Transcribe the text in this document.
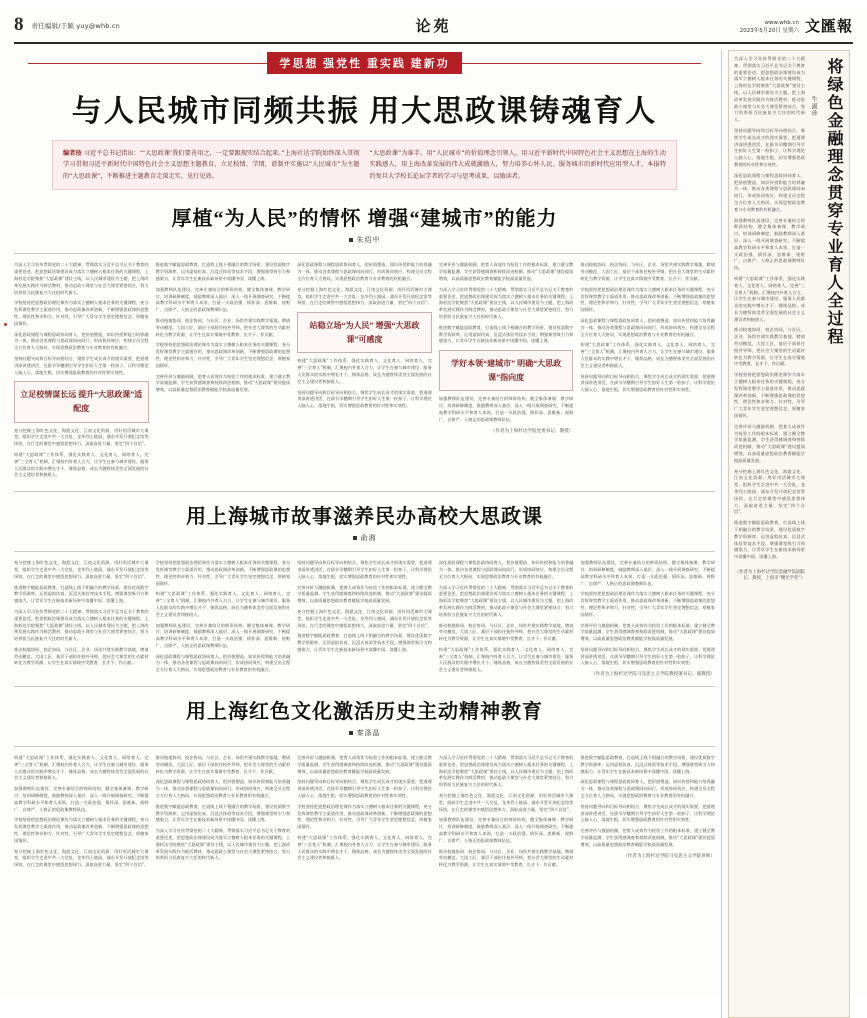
8 责任编辑/于颖 yuy@whb.cn	论苑	www.whb.cn
2023年5月20日 星期六 文匯報
学思想 强党性 重实践 建新功
与人民城市同频共振 用大思政课铸魂育人
编者按 习近平总书记指出：“‘大思政课’我们要善用之，一定要跟现实结合起来。”上海社达学院始终深入贯彻学习贯彻习近平新时代中国特色社会主义思想主题教育，立足校情、学情，谱制并实施以“人民城市”为主题的“大思政课”，不断推进主题教育走深走实、见行见效。
“大思政课”为谁手，用“人民城市”的价值理念引领人，用习近平新时代中国特色社会主义思想在上海的生动实践感人，用上海改革发展的伟大成就激励人，努力培养心怀人民、服务城市的新时代应用型人才。本报特约复旦大学校长论坛学者的学习与思考成果，以飨读者。
厚植“为人民”的情怀 增强“建城市”的能力
朱绍中

为深入学习宣传贯彻党的二十大精神，贯彻落实习近平总书记关于教育的重要论述，把思想政治课建设成为落实立德树人根本任务的关键课程，上海杉达学院聚焦“大思政课”建设主线，以人民城市建设为主题，把上海改革发展实践作为鲜活教材，推动思政小课堂与社会大课堂紧密结合，努力培养担当民族复兴大任的时代新人。

学校坚持把思想政治理论课作为落实立德树人根本任务的关键课程，充分发挥课堂教学主渠道作用，推动思政课改革创新，不断增强思政课的思想性、理论性和亲和力、针对性，引导广大青年学生坚定理想信念，厚植家国情怀。

深化思政课程与课程思政协同育人，把价值塑造、知识传授和能力培养融为一体，推动各类课程与思政课同向同行，形成协同效应，构建全员全程全方位育人大格局，实现思想政治教育与专业教育的有机融合。

坚持问题导向和目标导向相结合，聚焦学生成长成才的现实需要，把道理讲深讲透讲活，在拔节孕穗期引导学生扣好人生第一粒扣子，让科学理论入脑入心、落地生根，切实增强思政教育的针对性和实效性。

立足校情谋长远 提升“大思政课”适配度

充分挖掘上海红色文化、海派文化、江南文化资源，用好用活城市大课堂，组织学生走进中共一大会址、龙华烈士陵园、浦东开发开放纪念馆等场馆，在行走的课堂中感悟思想伟力，汲取奋进力量，坚定“四个自信”。

构建“大思政课”工作体系，强化实践育人、文化育人、网络育人，完善“三全育人”机制，汇聚校内外育人合力，让学生在参与城市建设、服务人民群众的实践中增长才干、锤炼品格，成长为德智体美劳全面发展的社会主义建设者和接班人。

推进数字赋能思政教育，打造线上线下相融合的教学场景，建设优质数字教学资源库，运用虚拟仿真、沉浸式体验等技术手段，增强课堂吸引力和感染力，让青年学生在新技术新场景中读懂中国、读懂上海。

加强教师队伍建设，完善专兼结合的师资结构，健全集体备课、教学研讨、培训研修制度，鼓励教师深入基层、深入一线开展调查研究，不断提高教学科研水平和育人本领，打造一支政治强、情怀深、思维新、视野广、自律严、人格正的思政课教师队伍。

推动校地协同、校企协同，与社区、企业、场馆共建实践教学基地，聘请劳动模范、大国工匠、基层干部担任校外导师，把社会大课堂的生动素材转化为教学资源，让学生在真实情境中受教育、长才干、作贡献。

学校坚持把思想政治理论课作为落实立德树人根本任务的关键课程，充分发挥课堂教学主渠道作用，推动思政课改革创新，不断增强思政课的思想性、理论性和亲和力、针对性，引导广大青年学生坚定理想信念，厚植家国情怀。

完善评价与激励机制，把育人成效作为检验工作的根本标准，建立健全教学质量监测、学生获得感调查和持续改进机制，推动“大思政课”建设提质增效，以高质量思想政治教育赋能学校高质量发展。

深化思政课程与课程思政协同育人，把价值塑造、知识传授和能力培养融为一体，推动各类课程与思政课同向同行，形成协同效应，构建全员全程全方位育人大格局，实现思想政治教育与专业教育的有机融合。

充分挖掘上海红色文化、海派文化、江南文化资源，用好用活城市大课堂，组织学生走进中共一大会址、龙华烈士陵园、浦东开发开放纪念馆等场馆，在行走的课堂中感悟思想伟力，汲取奋进力量，坚定“四个自信”。

站稳立场“为人民” 增强“大思政课”可感度

构建“大思政课”工作体系，强化实践育人、文化育人、网络育人，完善“三全育人”机制，汇聚校内外育人合力，让学生在参与城市建设、服务人民群众的实践中增长才干、锤炼品格，成长为德智体美劳全面发展的社会主义建设者和接班人。

坚持问题导向和目标导向相结合，聚焦学生成长成才的现实需要，把道理讲深讲透讲活，在拔节孕穗期引导学生扣好人生第一粒扣子，让科学理论入脑入心、落地生根，切实增强思政教育的针对性和实效性。

完善评价与激励机制，把育人成效作为检验工作的根本标准，建立健全教学质量监测、学生获得感调查和持续改进机制，推动“大思政课”建设提质增效，以高质量思想政治教育赋能学校高质量发展。

为深入学习宣传贯彻党的二十大精神，贯彻落实习近平总书记关于教育的重要论述，把思想政治课建设成为落实立德树人根本任务的关键课程，上海杉达学院聚焦“大思政课”建设主线，以人民城市建设为主题，把上海改革发展实践作为鲜活教材，推动思政小课堂与社会大课堂紧密结合，努力培养担当民族复兴大任的时代新人。

推进数字赋能思政教育，打造线上线下相融合的教学场景，建设优质数字教学资源库，运用虚拟仿真、沉浸式体验等技术手段，增强课堂吸引力和感染力，让青年学生在新技术新场景中读懂中国、读懂上海。

学好本领“建城市” 明确“大思政课”指向度

加强教师队伍建设，完善专兼结合的师资结构，健全集体备课、教学研讨、培训研修制度，鼓励教师深入基层、深入一线开展调查研究，不断提高教学科研水平和育人本领，打造一支政治强、情怀深、思维新、视野广、自律严、人格正的思政课教师队伍。

（作者为上海杉达学院党委书记、教授）

推动校地协同、校企协同，与社区、企业、场馆共建实践教学基地，聘请劳动模范、大国工匠、基层干部担任校外导师，把社会大课堂的生动素材转化为教学资源，让学生在真实情境中受教育、长才干、作贡献。

学校坚持把思想政治理论课作为落实立德树人根本任务的关键课程，充分发挥课堂教学主渠道作用，推动思政课改革创新，不断增强思政课的思想性、理论性和亲和力、针对性，引导广大青年学生坚定理想信念，厚植家国情怀。

深化思政课程与课程思政协同育人，把价值塑造、知识传授和能力培养融为一体，推动各类课程与思政课同向同行，形成协同效应，构建全员全程全方位育人大格局，实现思想政治教育与专业教育的有机融合。

构建“大思政课”工作体系，强化实践育人、文化育人、网络育人，完善“三全育人”机制，汇聚校内外育人合力，让学生在参与城市建设、服务人民群众的实践中增长才干、锤炼品格，成长为德智体美劳全面发展的社会主义建设者和接班人。

坚持问题导向和目标导向相结合，聚焦学生成长成才的现实需要，把道理讲深讲透讲活，在拔节孕穗期引导学生扣好人生第一粒扣子，让科学理论入脑入心、落地生根，切实增强思政教育的针对性和实效性。

用上海城市故事滋养民办高校大思政课
俞湘

充分挖掘上海红色文化、海派文化、江南文化资源，用好用活城市大课堂，组织学生走进中共一大会址、龙华烈士陵园、浦东开发开放纪念馆等场馆，在行走的课堂中感悟思想伟力，汲取奋进力量，坚定“四个自信”。

推进数字赋能思政教育，打造线上线下相融合的教学场景，建设优质数字教学资源库，运用虚拟仿真、沉浸式体验等技术手段，增强课堂吸引力和感染力，让青年学生在新技术新场景中读懂中国、读懂上海。

为深入学习宣传贯彻党的二十大精神，贯彻落实习近平总书记关于教育的重要论述，把思想政治课建设成为落实立德树人根本任务的关键课程，上海杉达学院聚焦“大思政课”建设主线，以人民城市建设为主题，把上海改革发展实践作为鲜活教材，推动思政小课堂与社会大课堂紧密结合，努力培养担当民族复兴大任的时代新人。

推动校地协同、校企协同，与社区、企业、场馆共建实践教学基地，聘请劳动模范、大国工匠、基层干部担任校外导师，把社会大课堂的生动素材转化为教学资源，让学生在真实情境中受教育、长才干、作贡献。

学校坚持把思想政治理论课作为落实立德树人根本任务的关键课程，充分发挥课堂教学主渠道作用，推动思政课改革创新，不断增强思政课的思想性、理论性和亲和力、针对性，引导广大青年学生坚定理想信念，厚植家国情怀。

构建“大思政课”工作体系，强化实践育人、文化育人、网络育人，完善“三全育人”机制，汇聚校内外育人合力，让学生在参与城市建设、服务人民群众的实践中增长才干、锤炼品格，成长为德智体美劳全面发展的社会主义建设者和接班人。

加强教师队伍建设，完善专兼结合的师资结构，健全集体备课、教学研讨、培训研修制度，鼓励教师深入基层、深入一线开展调查研究，不断提高教学科研水平和育人本领，打造一支政治强、情怀深、思维新、视野广、自律严、人格正的思政课教师队伍。

深化思政课程与课程思政协同育人，把价值塑造、知识传授和能力培养融为一体，推动各类课程与思政课同向同行，形成协同效应，构建全员全程全方位育人大格局，实现思想政治教育与专业教育的有机融合。

坚持问题导向和目标导向相结合，聚焦学生成长成才的现实需要，把道理讲深讲透讲活，在拔节孕穗期引导学生扣好人生第一粒扣子，让科学理论入脑入心、落地生根，切实增强思政教育的针对性和实效性。

完善评价与激励机制，把育人成效作为检验工作的根本标准，建立健全教学质量监测、学生获得感调查和持续改进机制，推动“大思政课”建设提质增效，以高质量思想政治教育赋能学校高质量发展。

充分挖掘上海红色文化、海派文化、江南文化资源，用好用活城市大课堂，组织学生走进中共一大会址、龙华烈士陵园、浦东开发开放纪念馆等场馆，在行走的课堂中感悟思想伟力，汲取奋进力量，坚定“四个自信”。

推进数字赋能思政教育，打造线上线下相融合的教学场景，建设优质数字教学资源库，运用虚拟仿真、沉浸式体验等技术手段，增强课堂吸引力和感染力，让青年学生在新技术新场景中读懂中国、读懂上海。

深化思政课程与课程思政协同育人，把价值塑造、知识传授和能力培养融为一体，推动各类课程与思政课同向同行，形成协同效应，构建全员全程全方位育人大格局，实现思想政治教育与专业教育的有机融合。

为深入学习宣传贯彻党的二十大精神，贯彻落实习近平总书记关于教育的重要论述，把思想政治课建设成为落实立德树人根本任务的关键课程，上海杉达学院聚焦“大思政课”建设主线，以人民城市建设为主题，把上海改革发展实践作为鲜活教材，推动思政小课堂与社会大课堂紧密结合，努力培养担当民族复兴大任的时代新人。

推动校地协同、校企协同，与社区、企业、场馆共建实践教学基地，聘请劳动模范、大国工匠、基层干部担任校外导师，把社会大课堂的生动素材转化为教学资源，让学生在真实情境中受教育、长才干、作贡献。

构建“大思政课”工作体系，强化实践育人、文化育人、网络育人，完善“三全育人”机制，汇聚校内外育人合力，让学生在参与城市建设、服务人民群众的实践中增长才干、锤炼品格，成长为德智体美劳全面发展的社会主义建设者和接班人。

加强教师队伍建设，完善专兼结合的师资结构，健全集体备课、教学研讨、培训研修制度，鼓励教师深入基层、深入一线开展调查研究，不断提高教学科研水平和育人本领，打造一支政治强、情怀深、思维新、视野广、自律严、人格正的思政课教师队伍。

学校坚持把思想政治理论课作为落实立德树人根本任务的关键课程，充分发挥课堂教学主渠道作用，推动思政课改革创新，不断增强思政课的思想性、理论性和亲和力、针对性，引导广大青年学生坚定理想信念，厚植家国情怀。

完善评价与激励机制，把育人成效作为检验工作的根本标准，建立健全教学质量监测、学生获得感调查和持续改进机制，推动“大思政课”建设提质增效，以高质量思想政治教育赋能学校高质量发展。

坚持问题导向和目标导向相结合，聚焦学生成长成才的现实需要，把道理讲深讲透讲活，在拔节孕穗期引导学生扣好人生第一粒扣子，让科学理论入脑入心、落地生根，切实增强思政教育的针对性和实效性。

（作者为上海杉达学院马克思主义学院教授兼书记、副教授）
用上海红色文化激活历史主动精神教育
秦涤晶

构建“大思政课”工作体系，强化实践育人、文化育人、网络育人，完善“三全育人”机制，汇聚校内外育人合力，让学生在参与城市建设、服务人民群众的实践中增长才干、锤炼品格，成长为德智体美劳全面发展的社会主义建设者和接班人。

加强教师队伍建设，完善专兼结合的师资结构，健全集体备课、教学研讨、培训研修制度，鼓励教师深入基层、深入一线开展调查研究，不断提高教学科研水平和育人本领，打造一支政治强、情怀深、思维新、视野广、自律严、人格正的思政课教师队伍。

学校坚持把思想政治理论课作为落实立德树人根本任务的关键课程，充分发挥课堂教学主渠道作用，推动思政课改革创新，不断增强思政课的思想性、理论性和亲和力、针对性，引导广大青年学生坚定理想信念，厚植家国情怀。

充分挖掘上海红色文化、海派文化、江南文化资源，用好用活城市大课堂，组织学生走进中共一大会址、龙华烈士陵园、浦东开发开放纪念馆等场馆，在行走的课堂中感悟思想伟力，汲取奋进力量，坚定“四个自信”。

推动校地协同、校企协同，与社区、企业、场馆共建实践教学基地，聘请劳动模范、大国工匠、基层干部担任校外导师，把社会大课堂的生动素材转化为教学资源，让学生在真实情境中受教育、长才干、作贡献。

深化思政课程与课程思政协同育人，把价值塑造、知识传授和能力培养融为一体，推动各类课程与思政课同向同行，形成协同效应，构建全员全程全方位育人大格局，实现思想政治教育与专业教育的有机融合。

推进数字赋能思政教育，打造线上线下相融合的教学场景，建设优质数字教学资源库，运用虚拟仿真、沉浸式体验等技术手段，增强课堂吸引力和感染力，让青年学生在新技术新场景中读懂中国、读懂上海。

为深入学习宣传贯彻党的二十大精神，贯彻落实习近平总书记关于教育的重要论述，把思想政治课建设成为落实立德树人根本任务的关键课程，上海杉达学院聚焦“大思政课”建设主线，以人民城市建设为主题，把上海改革发展实践作为鲜活教材，推动思政小课堂与社会大课堂紧密结合，努力培养担当民族复兴大任的时代新人。

完善评价与激励机制，把育人成效作为检验工作的根本标准，建立健全教学质量监测、学生获得感调查和持续改进机制，推动“大思政课”建设提质增效，以高质量思想政治教育赋能学校高质量发展。

坚持问题导向和目标导向相结合，聚焦学生成长成才的现实需要，把道理讲深讲透讲活，在拔节孕穗期引导学生扣好人生第一粒扣子，让科学理论入脑入心、落地生根，切实增强思政教育的针对性和实效性。

学校坚持把思想政治理论课作为落实立德树人根本任务的关键课程，充分发挥课堂教学主渠道作用，推动思政课改革创新，不断增强思政课的思想性、理论性和亲和力、针对性，引导广大青年学生坚定理想信念，厚植家国情怀。

构建“大思政课”工作体系，强化实践育人、文化育人、网络育人，完善“三全育人”机制，汇聚校内外育人合力，让学生在参与城市建设、服务人民群众的实践中增长才干、锤炼品格，成长为德智体美劳全面发展的社会主义建设者和接班人。

为深入学习宣传贯彻党的二十大精神，贯彻落实习近平总书记关于教育的重要论述，把思想政治课建设成为落实立德树人根本任务的关键课程，上海杉达学院聚焦“大思政课”建设主线，以人民城市建设为主题，把上海改革发展实践作为鲜活教材，推动思政小课堂与社会大课堂紧密结合，努力培养担当民族复兴大任的时代新人。

充分挖掘上海红色文化、海派文化、江南文化资源，用好用活城市大课堂，组织学生走进中共一大会址、龙华烈士陵园、浦东开发开放纪念馆等场馆，在行走的课堂中感悟思想伟力，汲取奋进力量，坚定“四个自信”。

加强教师队伍建设，完善专兼结合的师资结构，健全集体备课、教学研讨、培训研修制度，鼓励教师深入基层、深入一线开展调查研究，不断提高教学科研水平和育人本领，打造一支政治强、情怀深、思维新、视野广、自律严、人格正的思政课教师队伍。

推动校地协同、校企协同，与社区、企业、场馆共建实践教学基地，聘请劳动模范、大国工匠、基层干部担任校外导师，把社会大课堂的生动素材转化为教学资源，让学生在真实情境中受教育、长才干、作贡献。

推进数字赋能思政教育，打造线上线下相融合的教学场景，建设优质数字教学资源库，运用虚拟仿真、沉浸式体验等技术手段，增强课堂吸引力和感染力，让青年学生在新技术新场景中读懂中国、读懂上海。

深化思政课程与课程思政协同育人，把价值塑造、知识传授和能力培养融为一体，推动各类课程与思政课同向同行，形成协同效应，构建全员全程全方位育人大格局，实现思想政治教育与专业教育的有机融合。

坚持问题导向和目标导向相结合，聚焦学生成长成才的现实需要，把道理讲深讲透讲活，在拔节孕穗期引导学生扣好人生第一粒扣子，让科学理论入脑入心、落地生根，切实增强思政教育的针对性和实效性。

完善评价与激励机制，把育人成效作为检验工作的根本标准，建立健全教学质量监测、学生获得感调查和持续改进机制，推动“大思政课”建设提质增效，以高质量思想政治教育赋能学校高质量发展。

（作者为上海杉达学院马克思主义学院讲师）
将绿色金融理念贯穿专业育人全过程
牛淑珍

为深入学习宣传贯彻党的二十大精神，贯彻落实习近平总书记关于教育的重要论述，把思想政治课建设成为落实立德树人根本任务的关键课程，上海杉达学院聚焦“大思政课”建设主线，以人民城市建设为主题，把上海改革发展实践作为鲜活教材，推动思政小课堂与社会大课堂紧密结合，努力培养担当民族复兴大任的时代新人。

坚持问题导向和目标导向相结合，聚焦学生成长成才的现实需要，把道理讲深讲透讲活，在拔节孕穗期引导学生扣好人生第一粒扣子，让科学理论入脑入心、落地生根，切实增强思政教育的针对性和实效性。

深化思政课程与课程思政协同育人，把价值塑造、知识传授和能力培养融为一体，推动各类课程与思政课同向同行，形成协同效应，构建全员全程全方位育人大格局，实现思想政治教育与专业教育的有机融合。

加强教师队伍建设，完善专兼结合的师资结构，健全集体备课、教学研讨、培训研修制度，鼓励教师深入基层、深入一线开展调查研究，不断提高教学科研水平和育人本领，打造一支政治强、情怀深、思维新、视野广、自律严、人格正的思政课教师队伍。

构建“大思政课”工作体系，强化实践育人、文化育人、网络育人，完善“三全育人”机制，汇聚校内外育人合力，让学生在参与城市建设、服务人民群众的实践中增长才干、锤炼品格，成长为德智体美劳全面发展的社会主义建设者和接班人。

推动校地协同、校企协同，与社区、企业、场馆共建实践教学基地，聘请劳动模范、大国工匠、基层干部担任校外导师，把社会大课堂的生动素材转化为教学资源，让学生在真实情境中受教育、长才干、作贡献。

学校坚持把思想政治理论课作为落实立德树人根本任务的关键课程，充分发挥课堂教学主渠道作用，推动思政课改革创新，不断增强思政课的思想性、理论性和亲和力、针对性，引导广大青年学生坚定理想信念，厚植家国情怀。

完善评价与激励机制，把育人成效作为检验工作的根本标准，建立健全教学质量监测、学生获得感调查和持续改进机制，推动“大思政课”建设提质增效，以高质量思想政治教育赋能学校高质量发展。

充分挖掘上海红色文化、海派文化、江南文化资源，用好用活城市大课堂，组织学生走进中共一大会址、龙华烈士陵园、浦东开发开放纪念馆等场馆，在行走的课堂中感悟思想伟力，汲取奋进力量，坚定“四个自信”。

推进数字赋能思政教育，打造线上线下相融合的教学场景，建设优质数字教学资源库，运用虚拟仿真、沉浸式体验等技术手段，增强课堂吸引力和感染力，让青年学生在新技术新场景中读懂中国、读懂上海。

（作者为上海杉达学院金融学院副院长、教授，上海市“曙光学者”）
